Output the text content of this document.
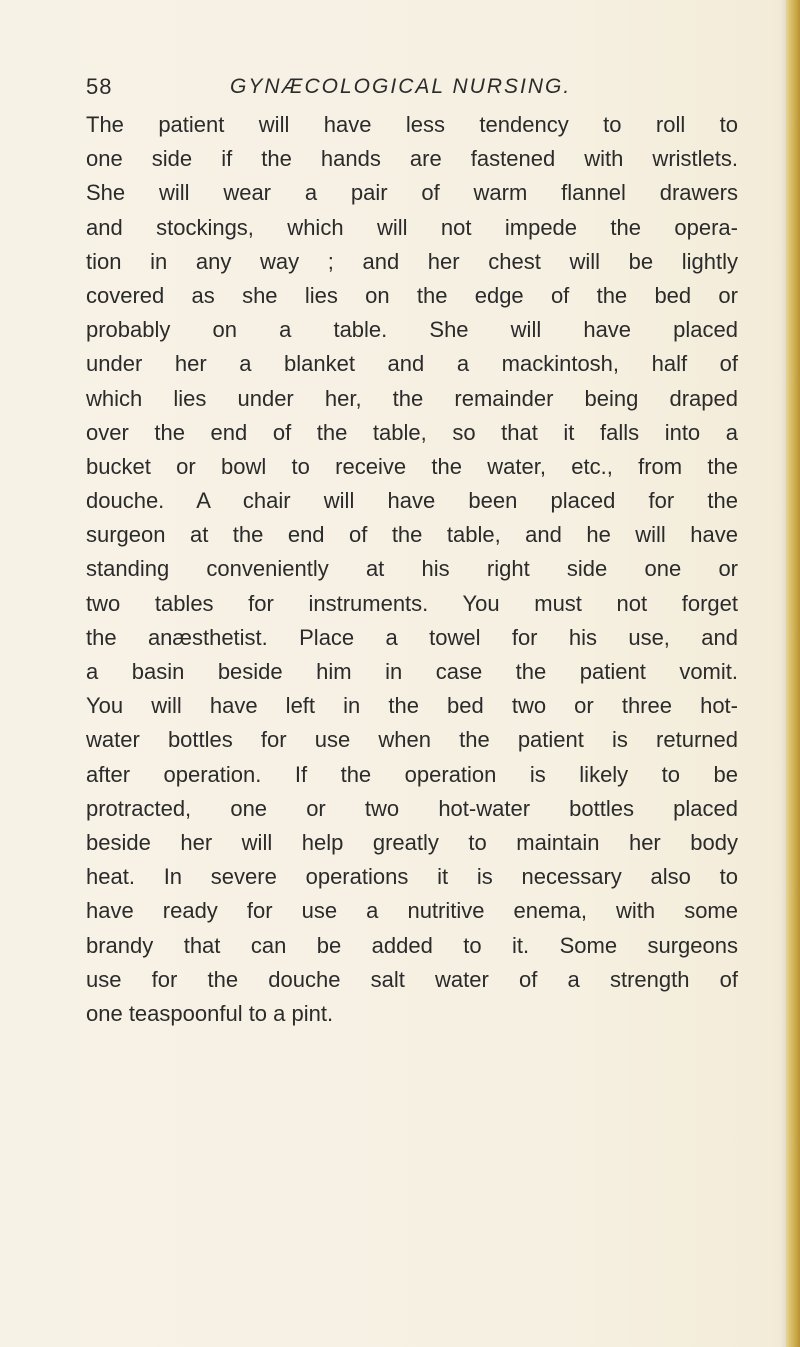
58	GYNÆCOLOGICAL NURSING.
The patient will have less tendency to roll to
one side if the hands are fastened with wristlets.
She will wear a pair of warm flannel drawers
and stockings, which will not impede the opera-
tion in any way ; and her chest will be lightly
covered as she lies on the edge of the bed or
probably on a table. She will have placed
under her a blanket and a mackintosh, half of
which lies under her, the remainder being draped
over the end of the table, so that it falls into a
bucket or bowl to receive the water, etc., from the
douche. A chair will have been placed for the
surgeon at the end of the table, and he will have
standing conveniently at his right side one or
two tables for instruments. You must not forget
the anæsthetist. Place a towel for his use, and
a basin beside him in case the patient vomit.
You will have left in the bed two or three hot-
water bottles for use when the patient is returned
after operation. If the operation is likely to be
protracted, one or two hot-water bottles placed
beside her will help greatly to maintain her body
heat. In severe operations it is necessary also to
have ready for use a nutritive enema, with some
brandy that can be added to it. Some surgeons
use for the douche salt water of a strength of
one teaspoonful to a pint.
